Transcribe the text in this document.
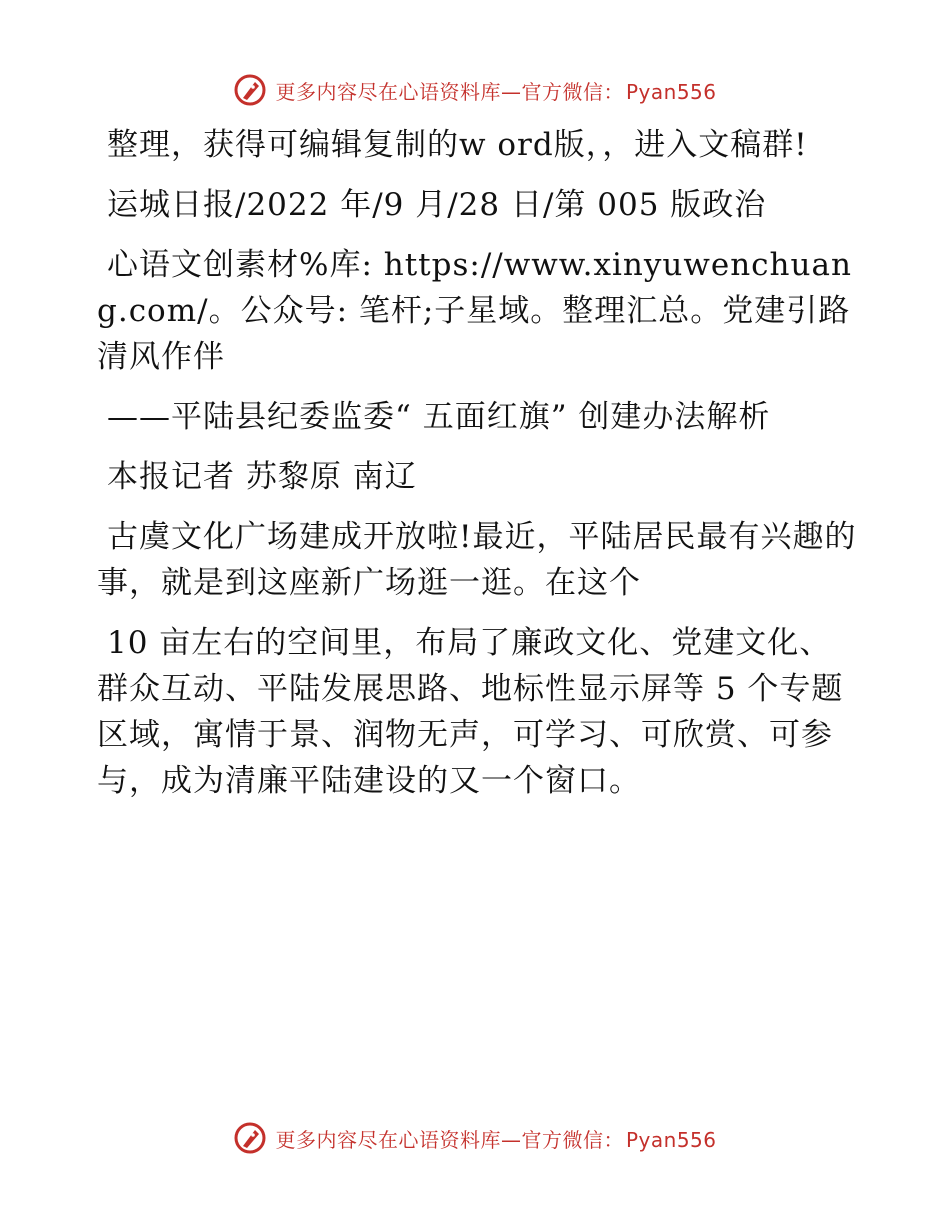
更多内容尽在心语资料库—官方微信： Pyan556

整理，获得可编辑复制的w ord版，，进入文稿群!

运城日报/2022 年/9 月/28 日/第 005 版政治

心语文创素材%库: https://www.xinyuwenchuang.com/。公众号: 笔杆;子星域。整理汇总。党建引路 清风作伴

——平陆县纪委监委“ 五面红旗” 创建办法解析

本报记者 苏黎原 南辽

古虞文化广场建成开放啦!最近，平陆居民最有兴趣的事，就是到这座新广场逛一逛。在这个

10 亩左右的空间里，布局了廉政文化、党建文化、群众互动、平陆发展思路、地标性显示屏等 5 个专题区域，寓情于景、润物无声，可学习、可欣赏、可参与，成为清廉平陆建设的又一个窗口。

更多内容尽在心语资料库—官方微信： Pyan556
